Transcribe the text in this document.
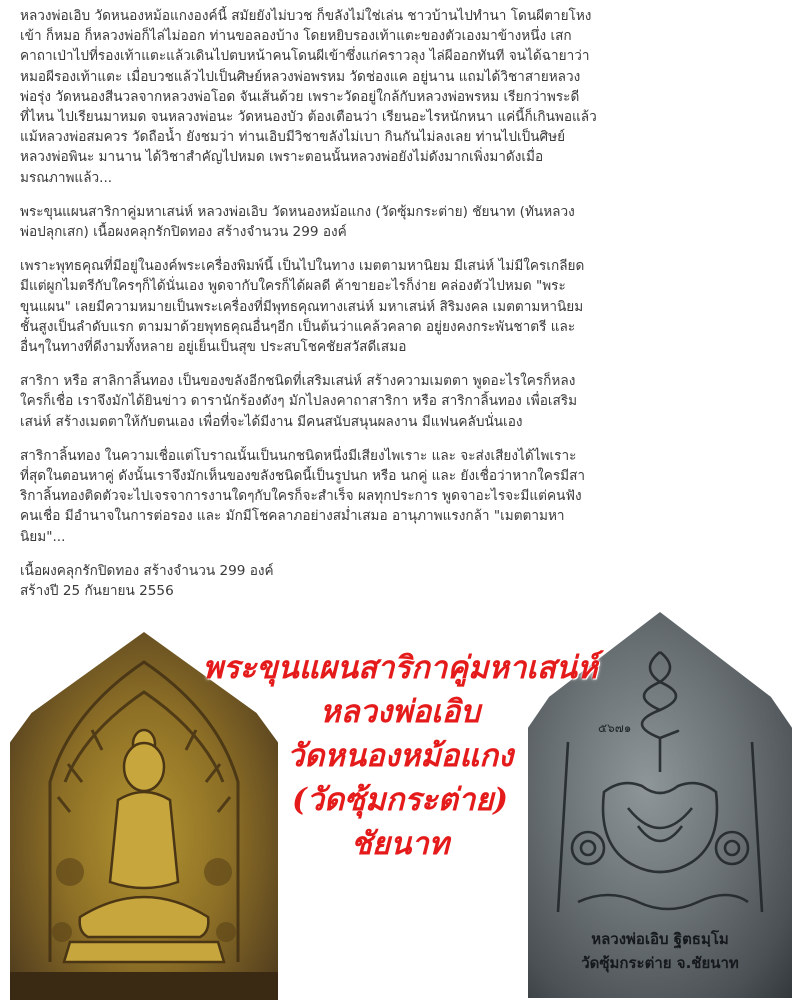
หลวงพ่อเอิบ วัดหนองหม้อแกงองค์นี้ สมัยยังไม่บวช ก็ขลังไม่ใช่เล่น ชาวบ้านไปทำนา โดนผีตายโหง
เข้า ก็หมอ ก็หลวงพ่อก็ไล่ไม่ออก ท่านขอลองบ้าง โดยหยิบรองเท้าแตะของตัวเองมาข้างหนึ่ง เสก
คาถาเป่าไปที่รองเท้าแตะแล้วเดินไปตบหน้าคนโดนผีเข้าซึ่งแก่คราวลุง ไล่ผีออกทันที จนได้ฉายาว่า
หมอผีรองเท้าแตะ เมื่อบวชแล้วไปเป็นศิษย์หลวงพ่อพรหม วัดช่องแค อยู่นาน แถมได้วิชาสายหลวง
พ่อรุ่ง วัดหนองสีนวลจากหลวงพ่อโอด จันเส้นด้วย เพราะวัดอยู่ใกล้กับหลวงพ่อพรหม เรียกว่าพระดี
ที่ไหน ไปเรียนมาหมด จนหลวงพ่อนะ วัดหนองบัว ต้องเตือนว่า เรียนอะไรหนักหนา แค่นี้ก็เกินพอแล้ว
แม้หลวงพ่อสมควร วัดถือน้ำ ยังชมว่า ท่านเอิบมีวิชาขลังไม่เบา กินกันไม่ลงเลย ท่านไปเป็นศิษย์
หลวงพ่อพินะ มานาน ได้วิชาสำคัญไปหมด เพราะตอนนั้นหลวงพ่อยังไม่ดังมากเพิ่งมาดังเมื่อ
มรณภาพแล้ว...
พระขุนแผนสาริกาคู่มหาเสน่ห์ หลวงพ่อเอิบ วัดหนองหม้อแกง (วัดซุ้มกระต่าย) ชัยนาท (ทันหลวง
พ่อปลุกเสก) เนื้อผงคลุกรักปิดทอง สร้างจำนวน 299 องค์
เพราะพุทธคุณที่มีอยู่ในองค์พระเครื่องพิมพ์นี้ เป็นไปในทาง เมตตามหานิยม มีเสน่ห์ ไม่มีใครเกลียด
มีแต่ผูกไมตรีกับใครๆก็ได้นั่นเอง พูดจากับใครก็ได้ผลดี ค้าขายอะไรก็ง่าย คล่องตัวไปหมด "พระ
ขุนแผน" เลยมีความหมายเป็นพระเครื่องที่มีพุทธคุณทางเสน่ห์ มหาเสน่ห์ สิริมงคล เมตตามหานิยม
ชั้นสูงเป็นลำดับแรก ตามมาด้วยพุทธคุณอื่นๆอีก เป็นต้นว่าแคล้วคลาด อยู่ยงคงกระพันชาตรี และ
อื่นๆในทางที่ดีงามทั้งหลาย อยู่เย็นเป็นสุข ประสบโชคชัยสวัสดีเสมอ
สาริกา หรือ สาลิกาลิ้นทอง เป็นของขลังอีกชนิดที่เสริมเสน่ห์ สร้างความเมตตา พูดอะไรใครก็หลง
ใครก็เชื่อ เราจึงมักได้ยินข่าว ดารานักร้องดังๆ มักไปลงคาถาสาริกา หรือ สาริกาลิ้นทอง เพื่อเสริม
เสน่ห์ สร้างเมตตาให้กับตนเอง เพื่อที่จะได้มีงาน มีคนสนับสนุนผลงาน มีแฟนคลับนั่นเอง
สาริกาลิ้นทอง ในความเชื่อแต่โบราณนั้นเป็นนกชนิดหนึ่งมีเสียงไพเราะ และ จะส่งเสียงได้ไพเราะ
ที่สุดในตอนหาคู่ ดังนั้นเราจึงมักเห็นของขลังชนิดนี้เป็นรูปนก หรือ นกคู่ และ ยังเชื่อว่าหากใครมีสา
ริกาลิ้นทองติดตัวจะไปเจรจาการงานใดๆกับใครก็จะสำเร็จ ผลทุกประการ พูดจาอะไรจะมีแต่คนฟัง
คนเชื่อ มีอำนาจในการต่อรอง และ มักมีโชคลาภอย่างสม่ำเสมอ อานุภาพแรงกล้า "เมตตามหา
นิยม"...
เนื้อผงคลุกรักปิดทอง สร้างจำนวน 299 องค์
สร้างปี 25 กันยายน 2556
๕๖๗๑
หลวงพ่อเอิบ ฐิตธมฺโม
วัดซุ้มกระต่าย จ.ชัยนาท
พระขุนแผนสาริกาคู่มหาเสน่ห์
หลวงพ่อเอิบ
วัดหนองหม้อแกง
(วัดซุ้มกระต่าย)
ชัยนาท
